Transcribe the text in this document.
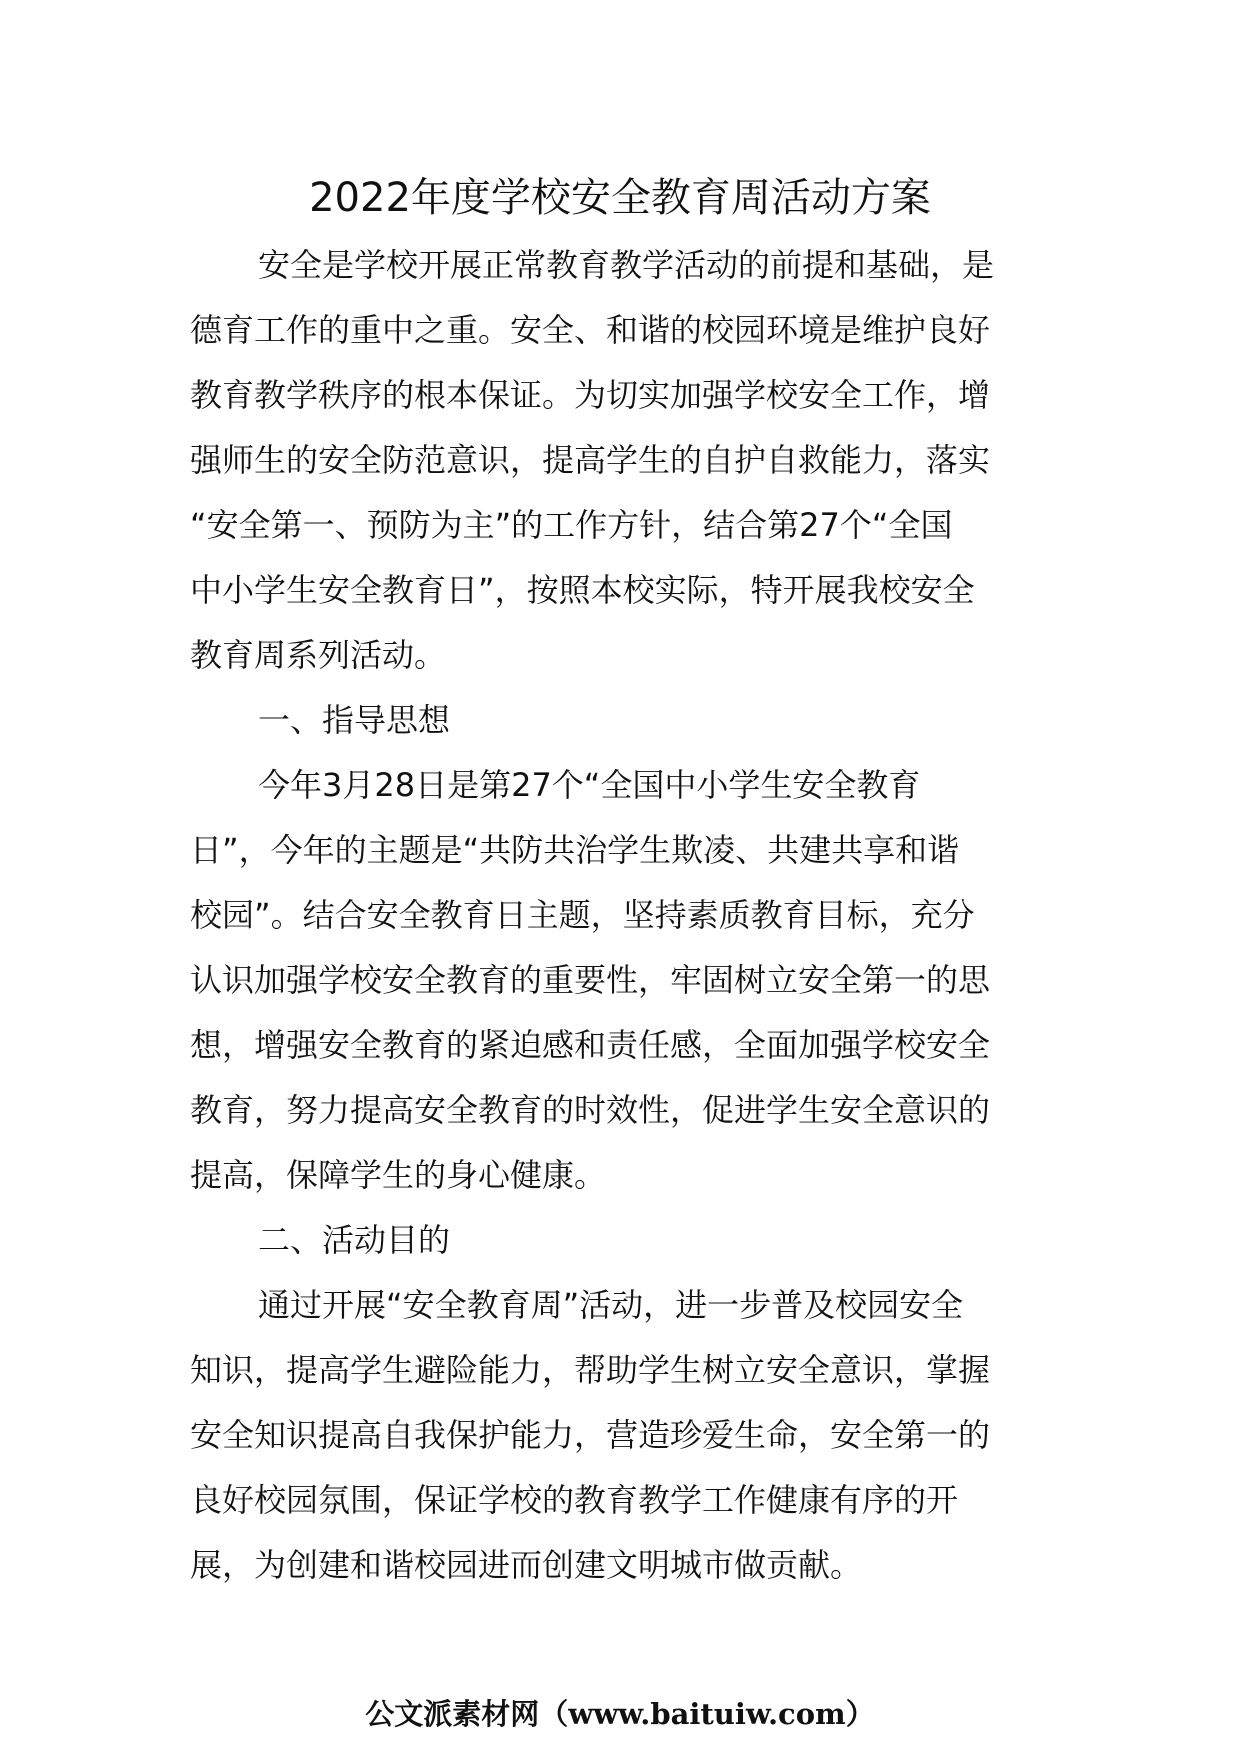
2022年度学校安全教育周活动方案
安全是学校开展正常教育教学活动的前提和基础，是
德育工作的重中之重。安全、和谐的校园环境是维护良好
教育教学秩序的根本保证。为切实加强学校安全工作，增
强师生的安全防范意识，提高学生的自护自救能力，落实
“安全第一、预防为主”的工作方针，结合第27个“全国
中小学生安全教育日”，按照本校实际，特开展我校安全
教育周系列活动。
一、指导思想
今年3月28日是第27个“全国中小学生安全教育
日”，今年的主题是“共防共治学生欺凌、共建共享和谐
校园”。结合安全教育日主题，坚持素质教育目标，充分
认识加强学校安全教育的重要性，牢固树立安全第一的思
想，增强安全教育的紧迫感和责任感，全面加强学校安全
教育，努力提高安全教育的时效性，促进学生安全意识的
提高，保障学生的身心健康。
二、活动目的
通过开展“安全教育周”活动，进一步普及校园安全
知识，提高学生避险能力，帮助学生树立安全意识，掌握
安全知识提高自我保护能力，营造珍爱生命，安全第一的
良好校园氛围，保证学校的教育教学工作健康有序的开
展，为创建和谐校园进而创建文明城市做贡献。
公文派素材网（www.baituiw.com）
